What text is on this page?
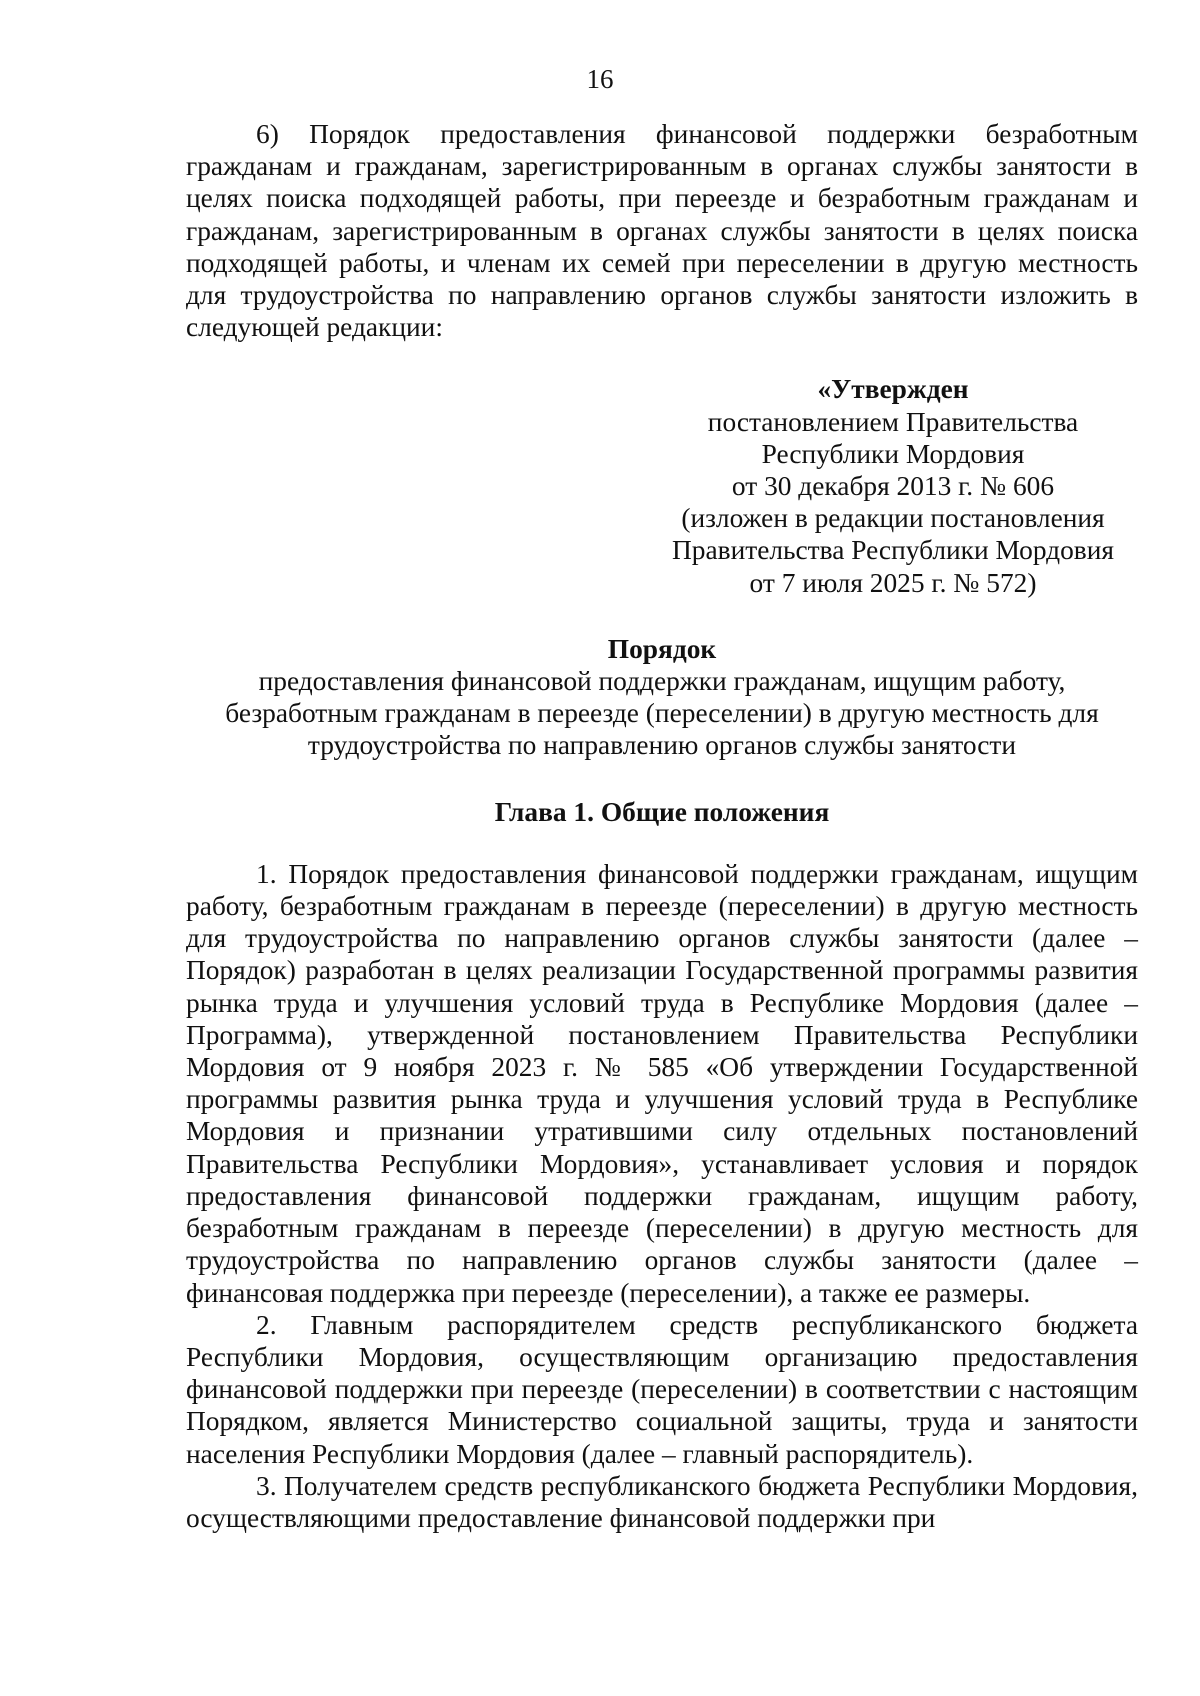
16

6) Порядок предоставления финансовой поддержки безработным гражданам и гражданам, зарегистрированным в органах службы занятости в целях поиска подходящей работы, при переезде и безработным гражданам и гражданам, зарегистрированным в органах службы занятости в целях поиска подходящей работы, и членам их семей при переселении в другую местность для трудоустройства по направлению органов службы занятости изложить в следующей редакции:

«Утвержден
постановлением Правительства
Республики Мордовия
от 30 декабря 2013 г. № 606
(изложен в редакции постановления
Правительства Республики Мордовия
от 7 июля 2025 г. № 572)
Порядок
предоставления финансовой поддержки гражданам, ищущим работу,
безработным гражданам в переезде (переселении) в другую местность для
трудоустройства по направлению органов службы занятости
Глава 1. Общие положения

1. Порядок предоставления финансовой поддержки гражданам, ищущим работу, безработным гражданам в переезде (переселении) в другую местность для трудоустройства по направлению органов службы занятости (далее – Порядок) разработан в целях реализации Государственной программы развития рынка труда и улучшения условий труда в Республике Мордовия (далее – Программа), утвержденной постановлением Правительства Республики Мордовия от 9 ноября 2023 г. № 585 «Об утверждении Государственной программы развития рынка труда и улучшения условий труда в Республике Мордовия и признании утратившими силу отдельных постановлений Правительства Республики Мордовия», устанавливает условия и порядок предоставления финансовой поддержки гражданам, ищущим работу, безработным гражданам в переезде (переселении) в другую местность для трудоустройства по направлению органов службы занятости (далее – финансовая поддержка при переезде (переселении), а также ее размеры.

2. Главным распорядителем средств республиканского бюджета Республики Мордовия, осуществляющим организацию предоставления финансовой поддержки при переезде (переселении) в соответствии с настоящим Порядком, является Министерство социальной защиты, труда и занятости населения Республики Мордовия (далее – главный распорядитель).

3. Получателем средств республиканского бюджета Республики Мордовия, осуществляющими предоставление финансовой поддержки при
